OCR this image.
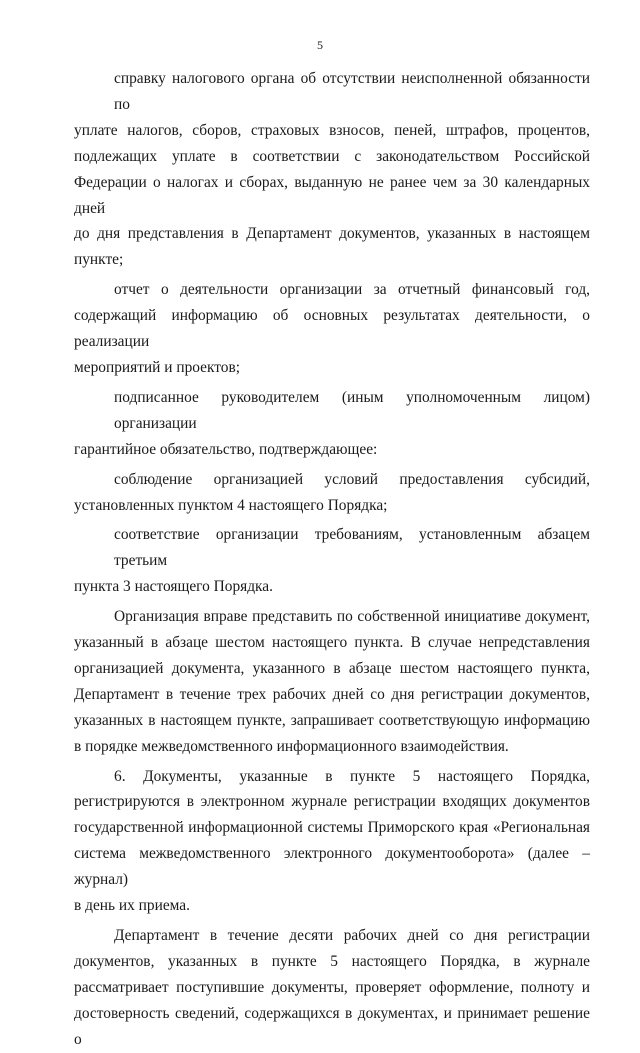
5
справку налогового органа об отсутствии неисполненной обязанности по
уплате налогов, сборов, страховых взносов, пеней, штрафов, процентов,
подлежащих уплате в соответствии с законодательством Российской
Федерации о налогах и сборах, выданную не ранее чем за 30 календарных дней
до дня представления в Департамент документов, указанных в настоящем
пункте;
отчет о деятельности организации за отчетный финансовый год,
содержащий информацию об основных результатах деятельности, о реализации
мероприятий и проектов;
подписанное руководителем (иным уполномоченным лицом) организации
гарантийное обязательство, подтверждающее:
соблюдение организацией условий предоставления субсидий,
установленных пунктом 4 настоящего Порядка;
соответствие организации требованиям, установленным абзацем третьим
пункта 3 настоящего Порядка.
Организация вправе представить по собственной инициативе документ,
указанный в абзаце шестом настоящего пункта. В случае непредставления
организацией документа, указанного в абзаце шестом настоящего пункта,
Департамент в течение трех рабочих дней со дня регистрации документов,
указанных в настоящем пункте, запрашивает соответствующую информацию
в порядке межведомственного информационного взаимодействия.
6. Документы, указанные в пункте 5 настоящего Порядка,
регистрируются в электронном журнале регистрации входящих документов
государственной информационной системы Приморского края «Региональная
система межведомственного электронного документооборота» (далее – журнал)
в день их приема.
Департамент в течение десяти рабочих дней со дня регистрации
документов, указанных в пункте 5 настоящего Порядка, в журнале
рассматривает поступившие документы, проверяет оформление, полноту и
достоверность сведений, содержащихся в документах, и принимает решение о
